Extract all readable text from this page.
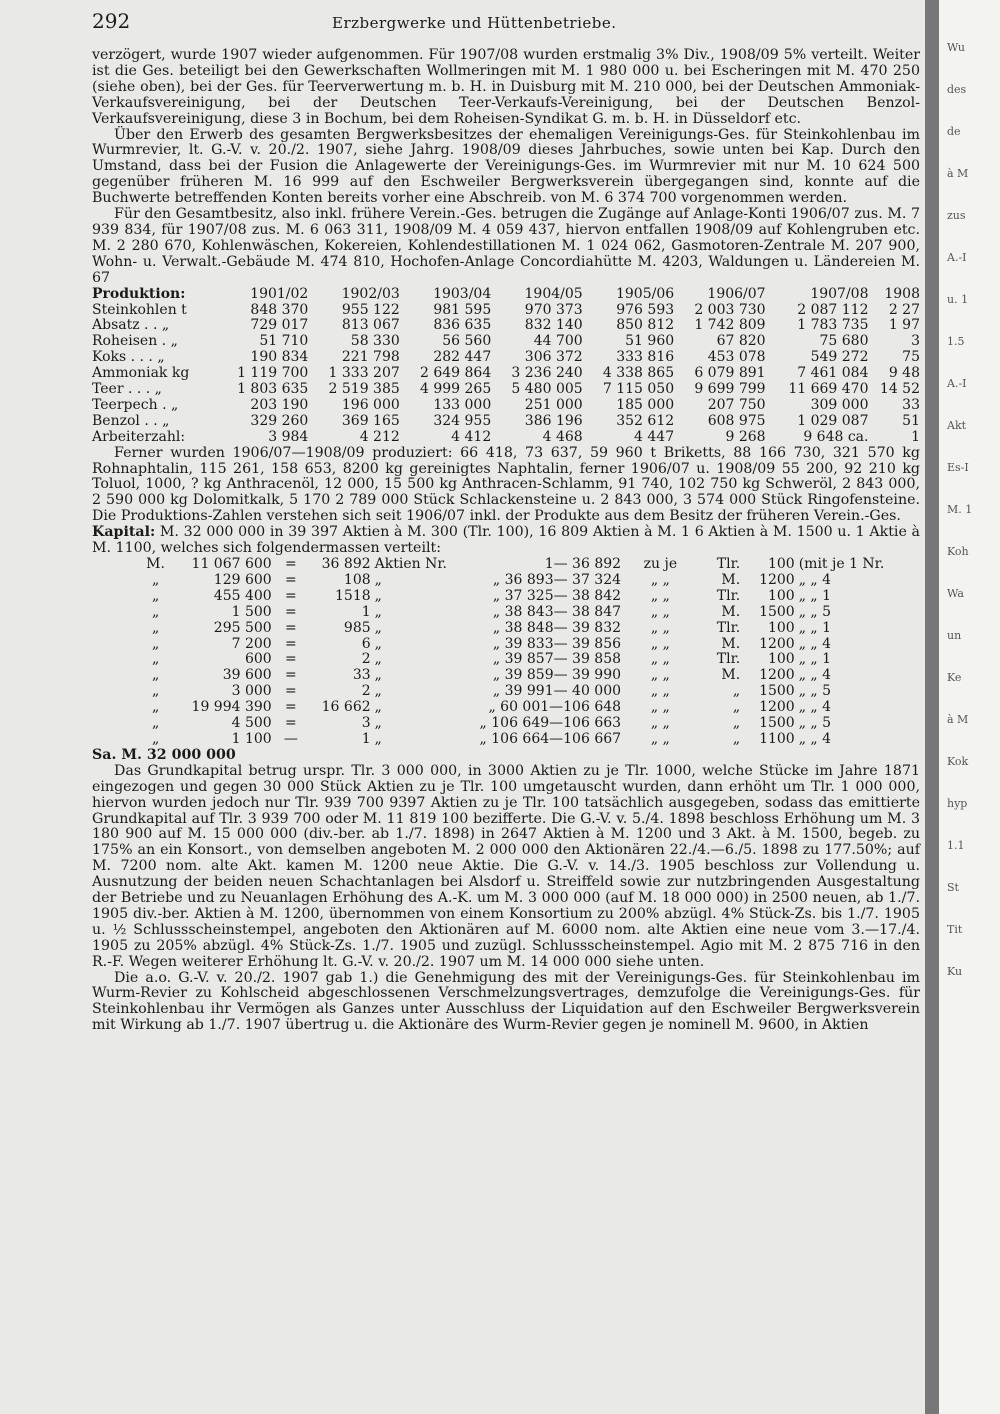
292	Erzbergwerke und Hüttenbetriebe.

verzögert, wurde 1907 wieder aufgenommen. Für 1907/08 wurden erstmalig 3% Div., 1908/09 5% verteilt. Weiter ist die Ges. beteiligt bei den Gewerkschaften Wollmeringen mit M. 1 980 000 u. bei Escheringen mit M. 470 250 (siehe oben), bei der Ges. für Teerverwertung m. b. H. in Duisburg mit M. 210 000, bei der Deutschen Ammoniak-Verkaufsvereinigung, bei der Deutschen Teer-Verkaufs-Vereinigung, bei der Deutschen Benzol-Verkaufsvereinigung, diese 3 in Bochum, bei dem Roheisen-Syndikat G. m. b. H. in Düsseldorf etc.

Über den Erwerb des gesamten Bergwerksbesitzes der ehemaligen Vereinigungs-Ges. für Steinkohlenbau im Wurmrevier, lt. G.-V. v. 20./2. 1907, siehe Jahrg. 1908/09 dieses Jahrbuches, sowie unten bei Kap. Durch den Umstand, dass bei der Fusion die Anlagewerte der Vereinigungs-Ges. im Wurmrevier mit nur M. 10 624 500 gegenüber früheren M. 16 999 auf den Eschweiler Bergwerksverein übergegangen sind, konnte auf die Buchwerte betreffenden Konten bereits vorher eine Abschreib. von M. 6 374 700 vorgenommen werden.

Für den Gesamtbesitz, also inkl. frühere Verein.-Ges. betrugen die Zugänge auf Anlage-Konti 1906/07 zus. M. 7 939 834, für 1907/08 zus. M. 6 063 311, 1908/09 M. 4 059 437, hiervon entfallen 1908/09 auf Kohlengruben etc. M. 2 280 670, Kohlenwäschen, Kokereien, Kohlendestillationen M. 1 024 062, Gasmotoren-Zentrale M. 207 900, Wohn- u. Verwalt.-Gebäude M. 474 810, Hochofen-Anlage Concordiahütte M. 4203, Waldungen u. Ländereien M. 67

Produktion:	1901/02	1902/03	1903/04	1904/05	1905/06	1906/07	1907/08	1908
Steinkohlen t	848 370	955 122	981 595	970 373	976 593	2 003 730	2 087 112	2 27
Absatz . . „	729 017	813 067	836 635	832 140	850 812	1 742 809	1 783 735	1 97
Roheisen . „	51 710	58 330	56 560	44 700	51 960	67 820	75 680	3
Koks . . . „	190 834	221 798	282 447	306 372	333 816	453 078	549 272	75
Ammoniak kg	1 119 700	1 333 207	2 649 864	3 236 240	4 338 865	6 079 891	7 461 084	9 48
Teer . . . „	1 803 635	2 519 385	4 999 265	5 480 005	7 115 050	9 699 799	11 669 470	14 52
Teerpech . „	203 190	196 000	133 000	251 000	185 000	207 750	309 000	33
Benzol . . „	329 260	369 165	324 955	386 196	352 612	608 975	1 029 087	51
Arbeiterzahl:	3 984	4 212	4 412	4 468	4 447	9 268	9 648 ca.	1

Ferner wurden 1906/07—1908/09 produziert: 66 418, 73 637, 59 960 t Briketts, 88 166 730, 321 570 kg Rohnaphtalin, 115 261, 158 653, 8200 kg gereinigtes Naphtalin, ferner 1906/07 u. 1908/09 55 200, 92 210 kg Toluol, 1000, ? kg Anthracenöl, 12 000, 15 500 kg Anthracen-Schlamm, 91 740, 102 750 kg Schweröl, 2 843 000, 2 590 000 kg Dolomitkalk, 5 170 2 789 000 Stück Schlackensteine u. 2 843 000, 3 574 000 Stück Ringofensteine. Die Produktions-Zahlen verstehen sich seit 1906/07 inkl. der Produkte aus dem Besitz der früheren Verein.-Ges.

Kapital: M. 32 000 000 in 39 397 Aktien à M. 300 (Tlr. 100), 16 809 Aktien à M. 1 6 Aktien à M. 1500 u. 1 Aktie à M. 1100, welches sich folgendermassen verteilt:

	M.	11 067 600	=	36 892	Aktien Nr.	1— 36 892	zu je	Tlr.	100	(mit je 1 Nr.
	„	129 600	=	108	„	„ 36 893— 37 324	„ „	M.	1200	„ „ 4
	„	455 400	=	1518	„	„ 37 325— 38 842	„ „	Tlr.	100	„ „ 1
	„	1 500	=	1	„	„ 38 843— 38 847	„ „	M.	1500	„ „ 5
	„	295 500	=	985	„	„ 38 848— 39 832	„ „	Tlr.	100	„ „ 1
	„	7 200	=	6	„	„ 39 833— 39 856	„ „	M.	1200	„ „ 4
	„	600	=	2	„	„ 39 857— 39 858	„ „	Tlr.	100	„ „ 1
	„	39 600	=	33	„	„ 39 859— 39 990	„ „	M.	1200	„ „ 4
	„	3 000	=	2	„	„ 39 991— 40 000	„ „	„	1500	„ „ 5
	„	19 994 390	=	16 662	„	„ 60 001—106 648	„ „	„	1200	„ „ 4
	„	4 500	=	3	„	„ 106 649—106 663	„ „	„	1500	„ „ 5
	„	1 100	—	1	„	„ 106 664—106 667	„ „	„	1100	„ „ 4
Sa. M. 32 000 000

Das Grundkapital betrug urspr. Tlr. 3 000 000, in 3000 Aktien zu je Tlr. 1000, welche Stücke im Jahre 1871 eingezogen und gegen 30 000 Stück Aktien zu je Tlr. 100 umgetauscht wurden, dann erhöht um Tlr. 1 000 000, hiervon wurden jedoch nur Tlr. 939 700 9397 Aktien zu je Tlr. 100 tatsächlich ausgegeben, sodass das emittierte Grundkapital auf Tlr. 3 939 700 oder M. 11 819 100 bezifferte. Die G.-V. v. 5./4. 1898 beschloss Erhöhung um M. 3 180 900 auf M. 15 000 000 (div.-ber. ab 1./7. 1898) in 2647 Aktien à M. 1200 und 3 Akt. à M. 1500, begeb. zu 175% an ein Konsort., von demselben angeboten M. 2 000 000 den Aktionären 22./4.—6./5. 1898 zu 177.50%; auf M. 7200 nom. alte Akt. kamen M. 1200 neue Aktie. Die G.-V. v. 14./3. 1905 beschloss zur Vollendung u. Ausnutzung der beiden neuen Schachtanlagen bei Alsdorf u. Streiffeld sowie zur nutzbringenden Ausgestaltung der Betriebe und zu Neuanlagen Erhöhung des A.-K. um M. 3 000 000 (auf M. 18 000 000) in 2500 neuen, ab 1./7. 1905 div.-ber. Aktien à M. 1200, übernommen von einem Konsortium zu 200% abzügl. 4% Stück-Zs. bis 1./7. 1905 u. ½ Schlussscheinstempel, angeboten den Aktionären auf M. 6000 nom. alte Aktien eine neue vom 3.—17./4. 1905 zu 205% abzügl. 4% Stück-Zs. 1./7. 1905 und zuzügl. Schlussscheinstempel. Agio mit M. 2 875 716 in den R.-F. Wegen weiterer Erhöhung lt. G.-V. v. 20./2. 1907 um M. 14 000 000 siehe unten.

Die a.o. G.-V. v. 20./2. 1907 gab 1.) die Genehmigung des mit der Vereinigungs-Ges. für Steinkohlenbau im Wurm-Revier zu Kohlscheid abgeschlossenen Verschmelzungsvertrages, demzufolge die Vereinigungs-Ges. für Steinkohlenbau ihr Vermögen als Ganzes unter Ausschluss der Liquidation auf den Eschweiler Bergwerksverein mit Wirkung ab 1./7. 1907 übertrug u. die Aktionäre des Wurm-Revier gegen je nominell M. 9600, in Aktien

Wu
des
de
à M
zus
A.-I
u. 1
1.5
A.-I
Akt
Es-I
M. 1
Koh
Wa
un
Ke
à M
Kok
hyp
1.1
St
Tit
Ku
